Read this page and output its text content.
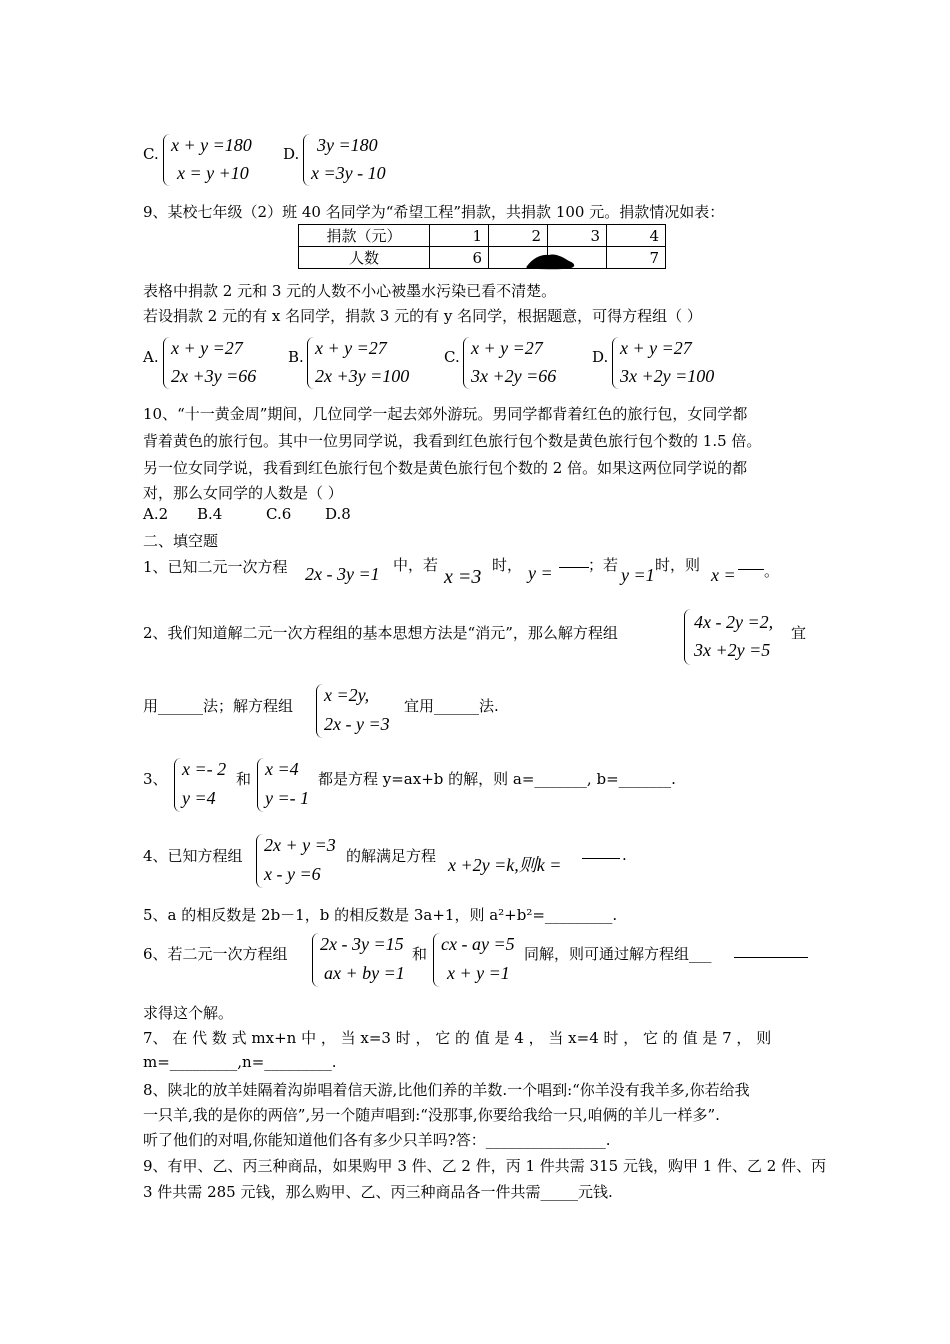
C. x + y =180
x = y +10
D. 3y =180
x =3y - 10
9、某校七年级（2）班 40 名同学为“希望工程”捐款，共捐款 100 元。捐款情况如表：
捐款（元）	1	2	3	4
人数	6			7
表格中捐款 2 元和 3 元的人数不小心被墨水污染已看不清楚。
若设捐款 2 元的有 x 名同学，捐款 3 元的有 y 名同学，根据题意，可得方程组（ ）
A. x + y =27
2x +3y =66
B. x + y =27
2x +3y =100
C. x + y =27
3x +2y =66
D. x + y =27
3x +2y =100
10、“十一黄金周”期间，几位同学一起去郊外游玩。男同学都背着红色的旅行包，女同学都
背着黄色的旅行包。其中一位男同学说，我看到红色旅行包个数是黄色旅行包个数的 1.5 倍。
另一位女同学说，我看到红色旅行包个数是黄色旅行包个数的 2 倍。如果这两位同学说的都
对，那么女同学的人数是（ ）
A.2 B.4	C.6 D.8
二、填空题
1、已知二元一次方程 2x - 3y =1 中，若
x =3
时， y = ；若 y =1 时，则 x = 。
2、我们知道解二元一次方程组的基本思想方法是“消元”，那么解方程组
4x - 2y =2,
3x +2y =5
宜
用______法；解方程组
x =2y,
2x - y =3
宜用______法.
3、 x =- 2
y =4
和 x =4
y =- 1
都是方程 y=ax+b 的解，则 a=_______, b=_______.
4、已知方程组
2x + y =3
x - y =6
的解满足方程 x +2y =k,则k =	.
5、a 的相反数是 2b－1，b 的相反数是 3a+1，则 a²+b²=_________.
6、若二元一次方程组 2x - 3y =15
ax + by =1
和 cx - ay =5
x + y =1
同解，则可通过解方程组___
求得这个解。
7、 在 代 数 式 mx+n 中 ， 当 x=3 时 ， 它 的 值 是 4 ， 当 x=4 时 ， 它 的 值 是 7 ， 则
m=_________,n=_________.
8、陕北的放羊娃隔着沟峁唱着信天游,比他们养的羊数.一个唱到:“你羊没有我羊多,你若给我
一只羊,我的是你的两倍”,另一个随声唱到:“没那事,你要给我给一只,咱俩的羊儿一样多”.
听了他们的对唱,你能知道他们各有多少只羊吗?答：________________.
9、有甲、乙、丙三种商品，如果购甲 3 件、乙 2 件，丙 1 件共需 315 元钱，购甲 1 件、乙 2 件、丙
3 件共需 285 元钱，那么购甲、乙、丙三种商品各一件共需_____元钱.
